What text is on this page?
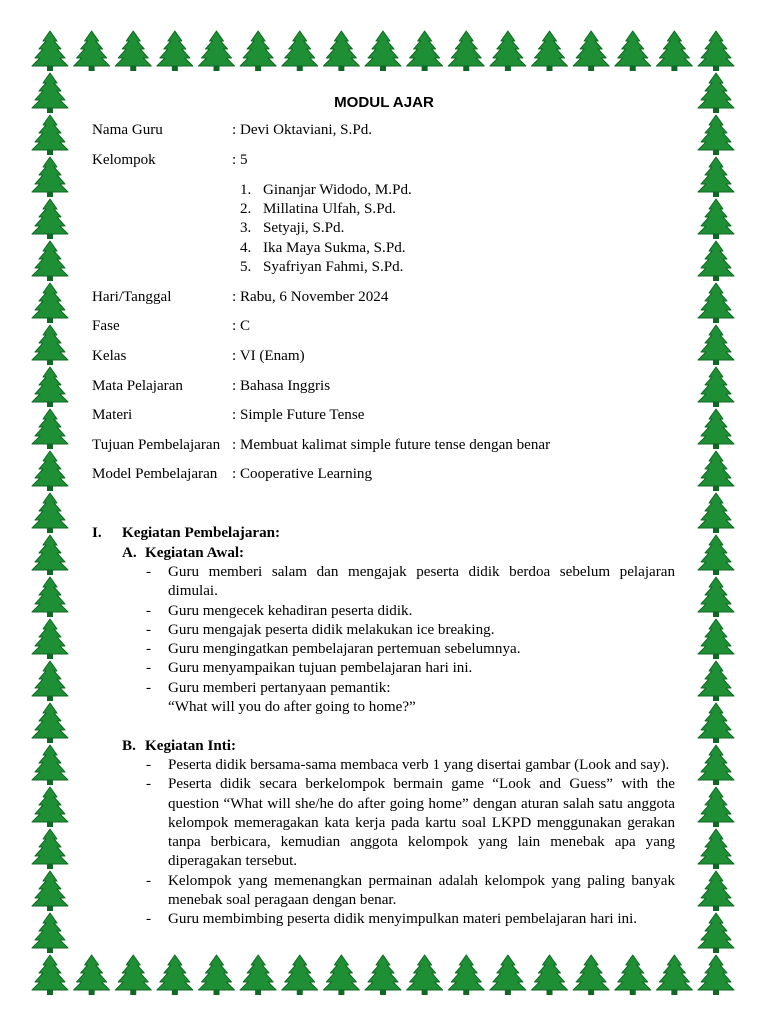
MODUL AJAR
Nama Guru	: Devi Oktaviani, S.Pd.
Kelompok	: 5
1. Ginanjar Widodo, M.Pd.
2. Millatina Ulfah, S.Pd.
3. Setyaji, S.Pd.
4. Ika Maya Sukma, S.Pd.
5. Syafriyan Fahmi, S.Pd.
Hari/Tanggal	: Rabu, 6 November 2024
Fase	: C
Kelas	: VI (Enam)
Mata Pelajaran	: Bahasa Inggris
Materi	: Simple Future Tense
Tujuan Pembelajaran : Membuat kalimat simple future tense dengan benar
Model Pembelajaran : Cooperative Learning
I. Kegiatan Pembelajaran:
A. Kegiatan Awal:
- Guru memberi salam dan mengajak peserta didik berdoa sebelum pelajaran
dimulai.
- Guru mengecek kehadiran peserta didik.
- Guru mengajak peserta didik melakukan ice breaking.
- Guru mengingatkan pembelajaran pertemuan sebelumnya.
- Guru menyampaikan tujuan pembelajaran hari ini.
- Guru memberi pertanyaan pemantik:
“What will you do after going to home?”
B. Kegiatan Inti:
- Peserta didik bersama-sama membaca verb 1 yang disertai gambar (Look and say).
- Peserta didik secara berkelompok bermain game “Look and Guess” with the
question “What will she/he do after going home” dengan aturan salah satu anggota
kelompok memeragakan kata kerja pada kartu soal LKPD menggunakan gerakan
tanpa berbicara, kemudian anggota kelompok yang lain menebak apa yang
diperagakan tersebut.
- Kelompok yang memenangkan permainan adalah kelompok yang paling banyak
menebak soal peragaan dengan benar.
- Guru membimbing peserta didik menyimpulkan materi pembelajaran hari ini.
